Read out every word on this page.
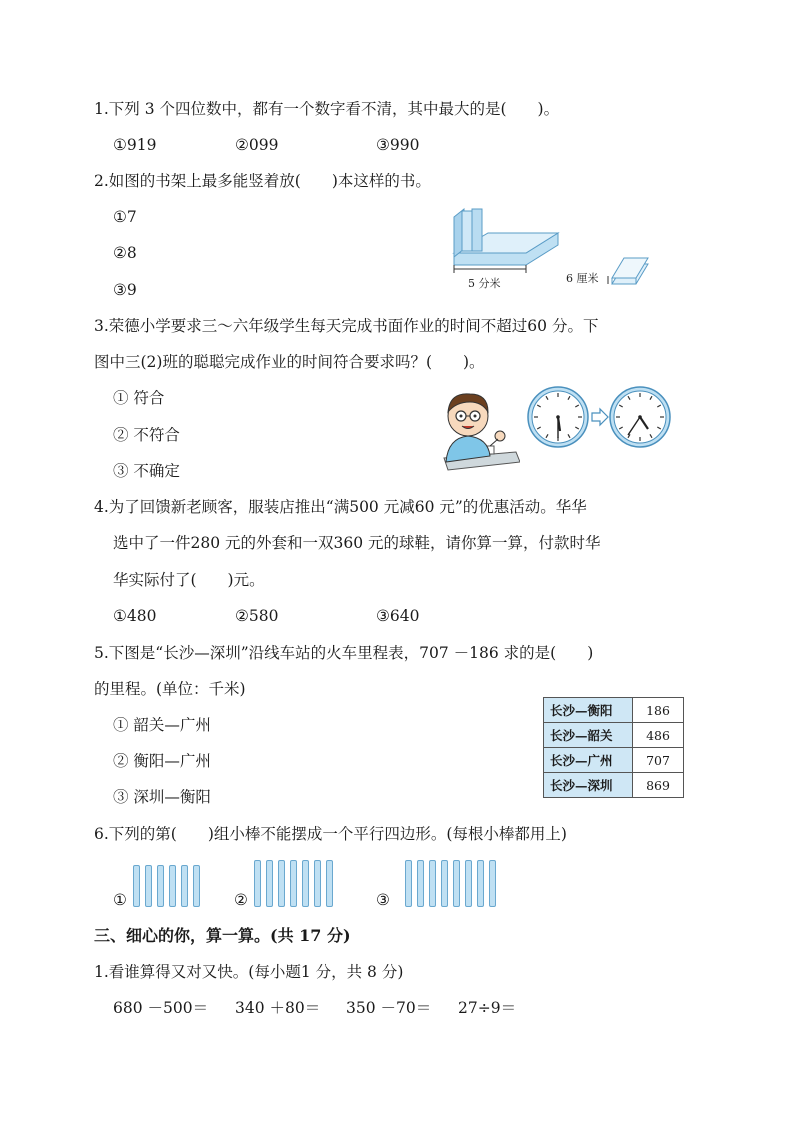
1.下列 3 个四位数中，都有一个数字看不清，其中最大的是(　　)。
①919	②099	③990
2.如图的书架上最多能竖着放(　　)本这样的书。
①7
②8
③9	5 分米	6 厘米
3.荣德小学要求三～六年级学生每天完成书面作业的时间不超过60 分。下
图中三(2)班的聪聪完成作业的时间符合要求吗？(　　)。
① 符合
② 不符合
③ 不确定
4.为了回馈新老顾客，服装店推出“满500 元减60 元”的优惠活动。华华
选中了一件280 元的外套和一双360 元的球鞋，请你算一算，付款时华
华实际付了(　　)元。
①480	②580	③640
5.下图是“长沙—深圳”沿线车站的火车里程表，707 －186 求的是(　　)
的里程。(单位：千米)
① 韶关—广州
② 衡阳—广州
③ 深圳—衡阳
长沙—衡阳	186
长沙—韶关	486
长沙—广州	707
长沙—深圳	869
6.下列的第(　　)组小棒不能摆成一个平行四边形。(每根小棒都用上)
①	②	③
三、细心的你，算一算。(共 17 分)
1.看谁算得又对又快。(每小题1 分，共 8 分)
680 －500＝ 340 ＋80＝ 350 －70＝ 27÷9＝
